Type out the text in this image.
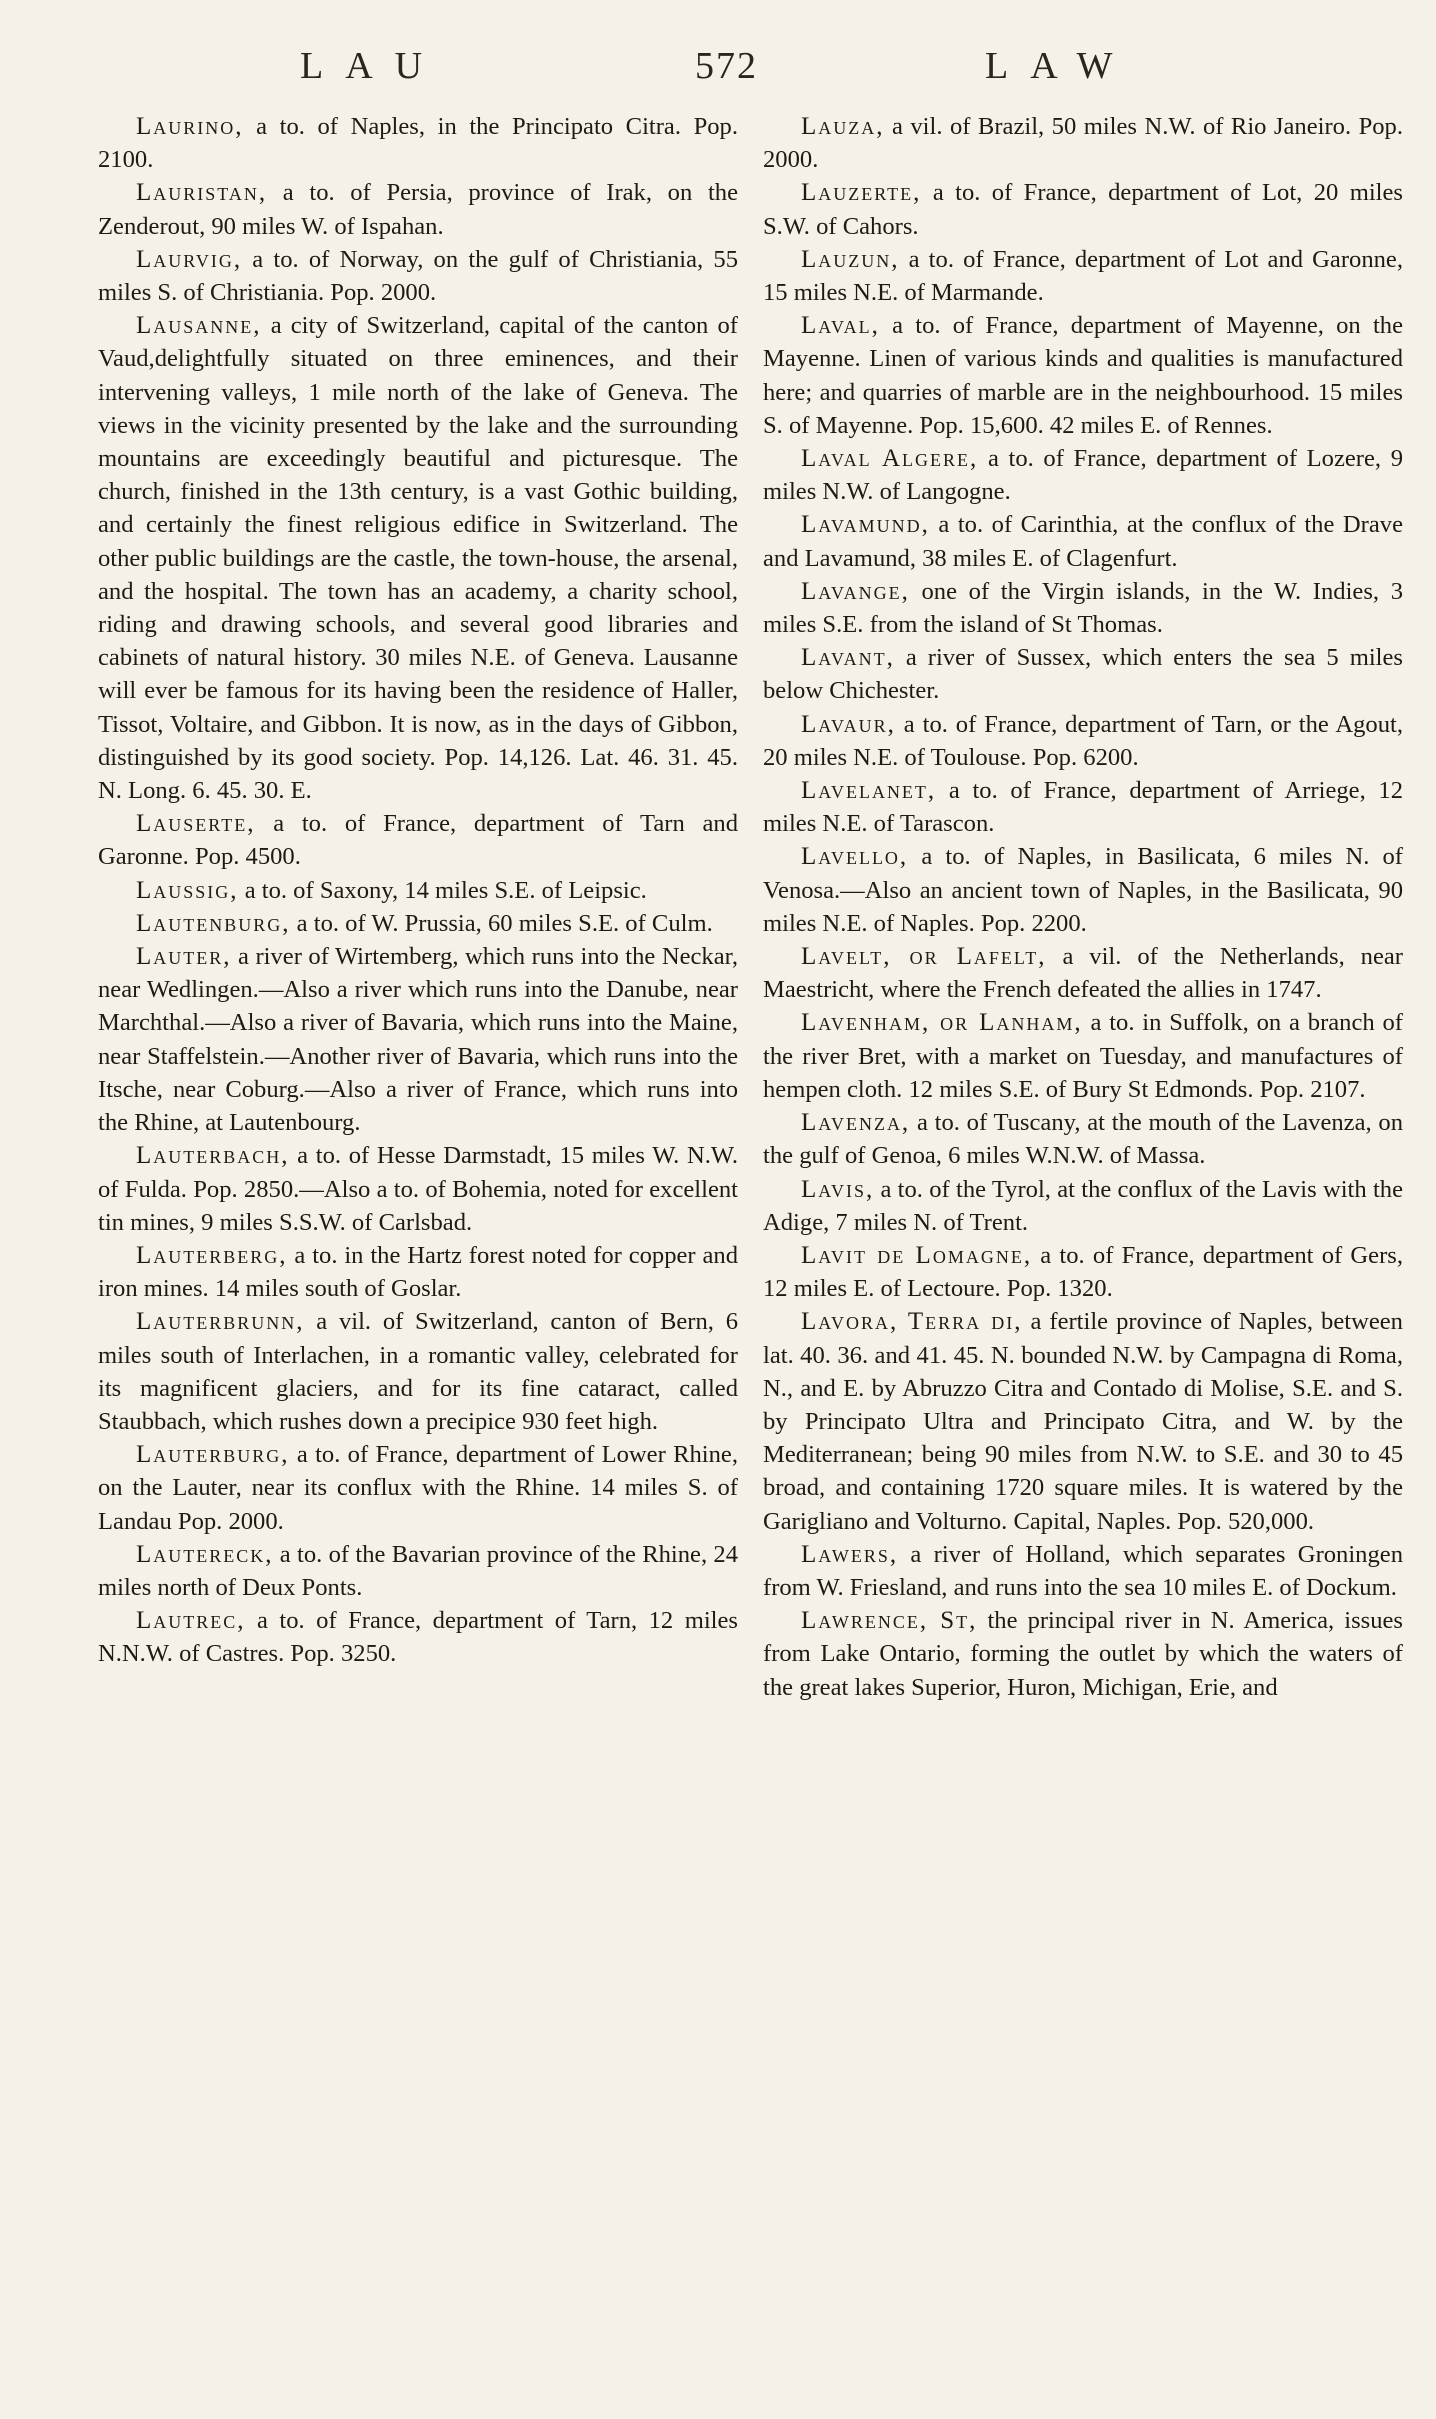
LAU	572	LAW

Laurino, a to. of Naples, in the Principato Citra. Pop. 2100.

Lauristan, a to. of Persia, province of Irak, on the Zenderout, 90 miles W. of Ispahan.

Laurvig, a to. of Norway, on the gulf of Christiania, 55 miles S. of Christiania. Pop. 2000.

Lausanne, a city of Switzerland, capital of the canton of Vaud,delightfully situated on three eminences, and their intervening valleys, 1 mile north of the lake of Geneva. The views in the vicinity presented by the lake and the surrounding mountains are exceedingly beautiful and picturesque. The church, finished in the 13th century, is a vast Gothic building, and certainly the finest religious edifice in Switzerland. The other public buildings are the castle, the town-house, the arsenal, and the hospital. The town has an academy, a charity school, riding and drawing schools, and several good libraries and cabinets of natural history. 30 miles N.E. of Geneva. Lausanne will ever be famous for its having been the residence of Haller, Tissot, Voltaire, and Gibbon. It is now, as in the days of Gibbon, distinguished by its good society. Pop. 14,126. Lat. 46. 31. 45. N. Long. 6. 45. 30. E.

Lauserte, a to. of France, department of Tarn and Garonne. Pop. 4500.

Laussig, a to. of Saxony, 14 miles S.E. of Leipsic.

Lautenburg, a to. of W. Prussia, 60 miles S.E. of Culm.

Lauter, a river of Wirtemberg, which runs into the Neckar, near Wedlingen.—Also a river which runs into the Danube, near Marchthal.—Also a river of Bavaria, which runs into the Maine, near Staffelstein.—Another river of Bavaria, which runs into the Itsche, near Coburg.—Also a river of France, which runs into the Rhine, at Lautenbourg.

Lauterbach, a to. of Hesse Darmstadt, 15 miles W. N.W. of Fulda. Pop. 2850.—Also a to. of Bohemia, noted for excellent tin mines, 9 miles S.S.W. of Carlsbad.

Lauterberg, a to. in the Hartz forest noted for copper and iron mines. 14 miles south of Goslar.

Lauterbrunn, a vil. of Switzerland, canton of Bern, 6 miles south of Interlachen, in a romantic valley, celebrated for its magnificent glaciers, and for its fine cataract, called Staubbach, which rushes down a precipice 930 feet high.

Lauterburg, a to. of France, department of Lower Rhine, on the Lauter, near its conflux with the Rhine. 14 miles S. of Landau Pop. 2000.

Lautereck, a to. of the Bavarian province of the Rhine, 24 miles north of Deux Ponts.

Lautrec, a to. of France, department of Tarn, 12 miles N.N.W. of Castres. Pop. 3250.

Lauza, a vil. of Brazil, 50 miles N.W. of Rio Janeiro. Pop. 2000.

Lauzerte, a to. of France, department of Lot, 20 miles S.W. of Cahors.

Lauzun, a to. of France, department of Lot and Garonne, 15 miles N.E. of Marmande.

Laval, a to. of France, department of Mayenne, on the Mayenne. Linen of various kinds and qualities is manufactured here; and quarries of marble are in the neighbourhood. 15 miles S. of Mayenne. Pop. 15,600. 42 miles E. of Rennes.

Laval Algere, a to. of France, department of Lozere, 9 miles N.W. of Langogne.

Lavamund, a to. of Carinthia, at the conflux of the Drave and Lavamund, 38 miles E. of Clagenfurt.

Lavange, one of the Virgin islands, in the W. Indies, 3 miles S.E. from the island of St Thomas.

Lavant, a river of Sussex, which enters the sea 5 miles below Chichester.

Lavaur, a to. of France, department of Tarn, or the Agout, 20 miles N.E. of Toulouse. Pop. 6200.

Lavelanet, a to. of France, department of Arriege, 12 miles N.E. of Tarascon.

Lavello, a to. of Naples, in Basilicata, 6 miles N. of Venosa.—Also an ancient town of Naples, in the Basilicata, 90 miles N.E. of Naples. Pop. 2200.

Lavelt, or Lafelt, a vil. of the Netherlands, near Maestricht, where the French defeated the allies in 1747.

Lavenham, or Lanham, a to. in Suffolk, on a branch of the river Bret, with a market on Tuesday, and manufactures of hempen cloth. 12 miles S.E. of Bury St Edmonds. Pop. 2107.

Lavenza, a to. of Tuscany, at the mouth of the Lavenza, on the gulf of Genoa, 6 miles W.N.W. of Massa.

Lavis, a to. of the Tyrol, at the conflux of the Lavis with the Adige, 7 miles N. of Trent.

Lavit de Lomagne, a to. of France, department of Gers, 12 miles E. of Lectoure. Pop. 1320.

Lavora, Terra di, a fertile province of Naples, between lat. 40. 36. and 41. 45. N. bounded N.W. by Campagna di Roma, N., and E. by Abruzzo Citra and Contado di Molise, S.E. and S. by Principato Ultra and Principato Citra, and W. by the Mediterranean; being 90 miles from N.W. to S.E. and 30 to 45 broad, and containing 1720 square miles. It is watered by the Garigliano and Volturno. Capital, Naples. Pop. 520,000.

Lawers, a river of Holland, which separates Groningen from W. Friesland, and runs into the sea 10 miles E. of Dockum.

Lawrence, St, the principal river in N. America, issues from Lake Ontario, forming the outlet by which the waters of the great lakes Superior, Huron, Michigan, Erie, and
